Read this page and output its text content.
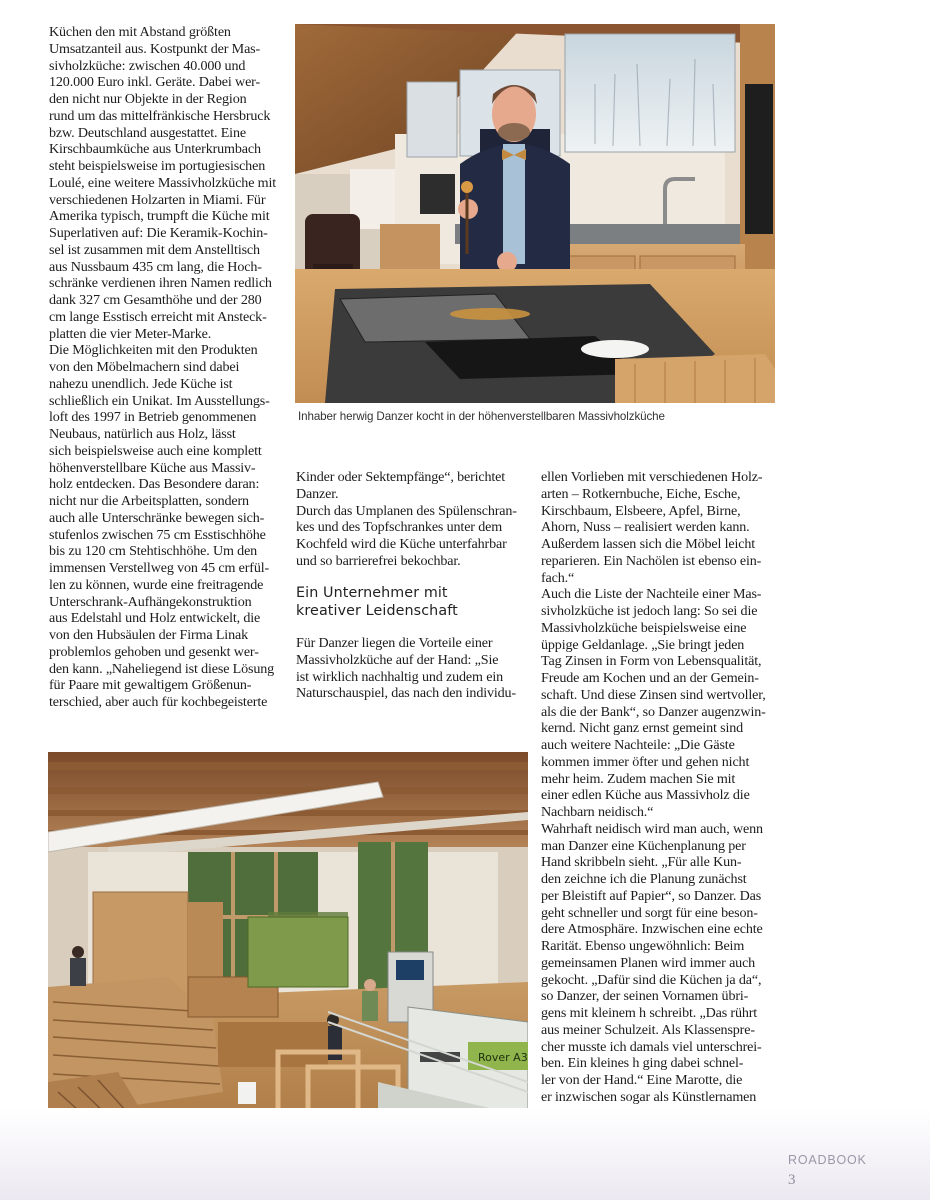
Inhaber herwig Danzer kocht in der höhenverstellbaren Massivholzküche
Küchen den mit Abstand größten
Umsatzanteil aus. Kostpunkt der Mas-
sivholzküche: zwischen 40.000 und
120.000 Euro inkl. Geräte. Dabei wer-
den nicht nur Objekte in der Region
rund um das mittelfränkische Hersbruck
bzw. Deutschland ausgestattet. Eine
Kirschbaumküche aus Unterkrumbach
steht beispielsweise im portugiesischen
Loulé, eine weitere Massivholzküche mit
verschiedenen Holzarten in Miami. Für
Amerika typisch, trumpft die Küche mit
Superlativen auf: Die Keramik-Kochin-
sel ist zusammen mit dem Anstelltisch
aus Nussbaum 435 cm lang, die Hoch-
schränke verdienen ihren Namen redlich
dank 327 cm Gesamthöhe und der 280
cm lange Esstisch erreicht mit Ansteck-
platten die vier Meter-Marke.
Die Möglichkeiten mit den Produkten
von den Möbelmachern sind dabei
nahezu unendlich. Jede Küche ist
schließlich ein Unikat. Im Ausstellungs-
loft des 1997 in Betrieb genommenen
Neubaus, natürlich aus Holz, lässt
sich beispielsweise auch eine komplett
höhenverstellbare Küche aus Massiv-
holz entdecken. Das Besondere daran:
nicht nur die Arbeitsplatten, sondern
auch alle Unterschränke bewegen sich-
stufenlos zwischen 75 cm Esstischhöhe
bis zu 120 cm Stehtischhöhe. Um den
immensen Verstellweg von 45 cm erfül-
len zu können, wurde eine freitragende
Unterschrank-Aufhängekonstruktion
aus Edelstahl und Holz entwickelt, die
von den Hubsäulen der Firma Linak
problemlos gehoben und gesenkt wer-
den kann. „Naheliegend ist diese Lösung
für Paare mit gewaltigem Größenun-
terschied, aber auch für kochbegeisterte
Kinder oder Sektempfänge“, berichtet
Danzer.
Durch das Umplanen des Spülenschran-
kes und des Topfschrankes unter dem
Kochfeld wird die Küche unterfahrbar
und so barrierefrei bekochbar.
Ein Unternehmer mit
kreativer Leidenschaft
Für Danzer liegen die Vorteile einer
Massivholzküche auf der Hand: „Sie
ist wirklich nachhaltig und zudem ein
Naturschauspiel, das nach den individu-
ellen Vorlieben mit verschiedenen Holz-
arten – Rotkernbuche, Eiche, Esche,
Kirschbaum, Elsbeere, Apfel, Birne,
Ahorn, Nuss – realisiert werden kann.
Außerdem lassen sich die Möbel leicht
reparieren. Ein Nachölen ist ebenso ein-
fach.“
Auch die Liste der Nachteile einer Mas-
sivholzküche ist jedoch lang: So sei die
Massivholzküche beispielsweise eine
üppige Geldanlage. „Sie bringt jeden
Tag Zinsen in Form von Lebensqualität,
Freude am Kochen und an der Gemein-
schaft. Und diese Zinsen sind wertvoller,
als die der Bank“, so Danzer augenzwin-
kernd. Nicht ganz ernst gemeint sind
auch weitere Nachteile: „Die Gäste
kommen immer öfter und gehen nicht
mehr heim. Zudem machen Sie mit
einer edlen Küche aus Massivholz die
Nachbarn neidisch.“
Wahrhaft neidisch wird man auch, wenn
man Danzer eine Küchenplanung per
Hand skribbeln sieht. „Für alle Kun-
den zeichne ich die Planung zunächst
per Bleistift auf Papier“, so Danzer. Das
geht schneller und sorgt für eine beson-
dere Atmosphäre. Inzwischen eine echte
Rarität. Ebenso ungewöhnlich: Beim
gemeinsamen Planen wird immer auch
gekocht. „Dafür sind die Küchen ja da“,
so Danzer, der seinen Vornamen übri-
gens mit kleinem h schreibt. „Das rührt
aus meiner Schulzeit. Als Klassenspre-
cher musste ich damals viel unterschrei-
ben. Ein kleines h ging dabei schnel-
ler von der Hand.“ Eine Marotte, die
er inzwischen sogar als Künstlernamen
Rover A3
ROADBOOK
3
